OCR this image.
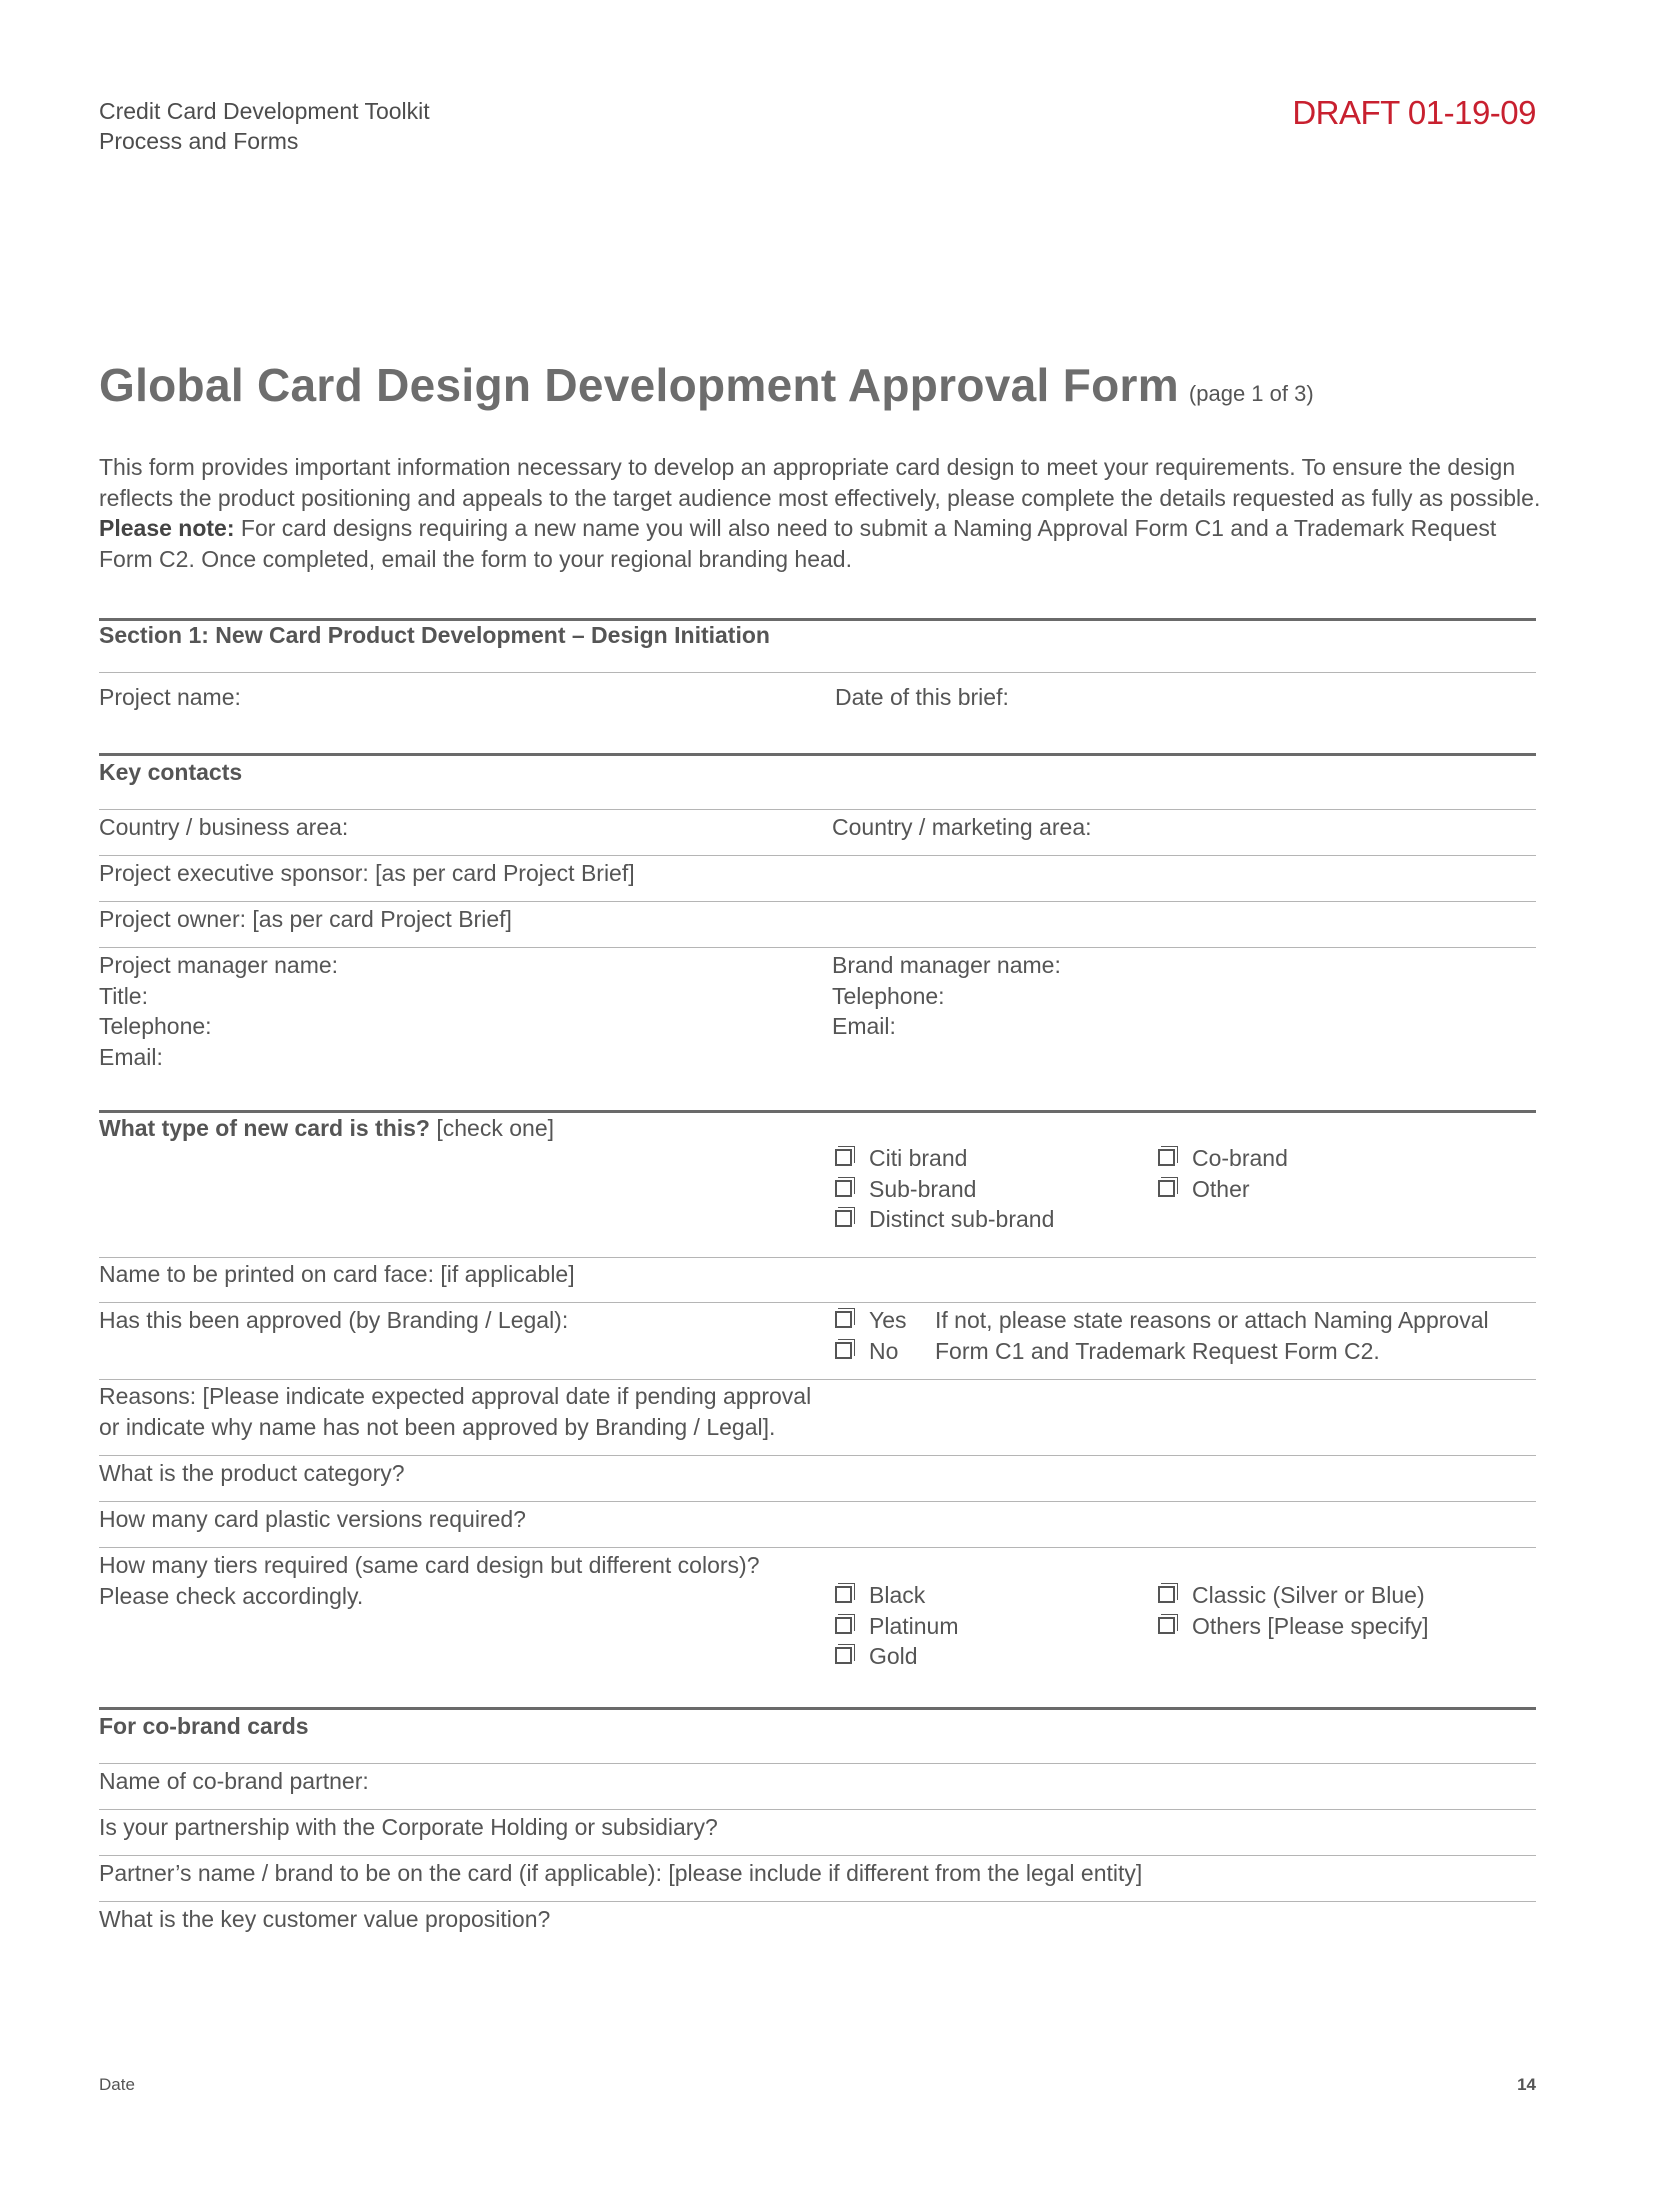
Credit Card Development Toolkit
Process and Forms
DRAFT 01-19-09
Global Card Design Development Approval Form (page 1 of 3)
This form provides important information necessary to develop an appropriate card design to meet your requirements. To ensure the design reflects the product positioning and appeals to the target audience most effectively, please complete the details requested as fully as possible. Please note: For card designs requiring a new name you will also need to submit a Naming Approval Form C1 and a Trademark Request Form C2. Once completed, email the form to your regional branding head.
Section 1: New Card Product Development – Design Initiation
Project name:	Date of this brief:
Key contacts
Country / business area:	Country / marketing area:
Project executive sponsor: [as per card Project Brief]
Project owner: [as per card Project Brief]
Project manager name:
Title:
Telephone:
Email:
Brand manager name:
Telephone:
Email:
What type of new card is this? [check one]
Citi brand
Sub-brand
Distinct sub-brand
Co-brand
Other
Name to be printed on card face: [if applicable]
Has this been approved (by Branding / Legal):	Yes
No
If not, please state reasons or attach Naming Approval
Form C1 and Trademark Request Form C2.
Reasons: [Please indicate expected approval date if pending approval
or indicate why name has not been approved by Branding / Legal].
What is the product category?
How many card plastic versions required?
How many tiers required (same card design but different colors)?
Please check accordingly.	Black
Platinum
Gold
Classic (Silver or Blue)
Others [Please specify]
For co-brand cards
Name of co-brand partner:
Is your partnership with the Corporate Holding or subsidiary?
Partner’s name / brand to be on the card (if applicable): [please include if different from the legal entity]
What is the key customer value proposition?
Date	14
